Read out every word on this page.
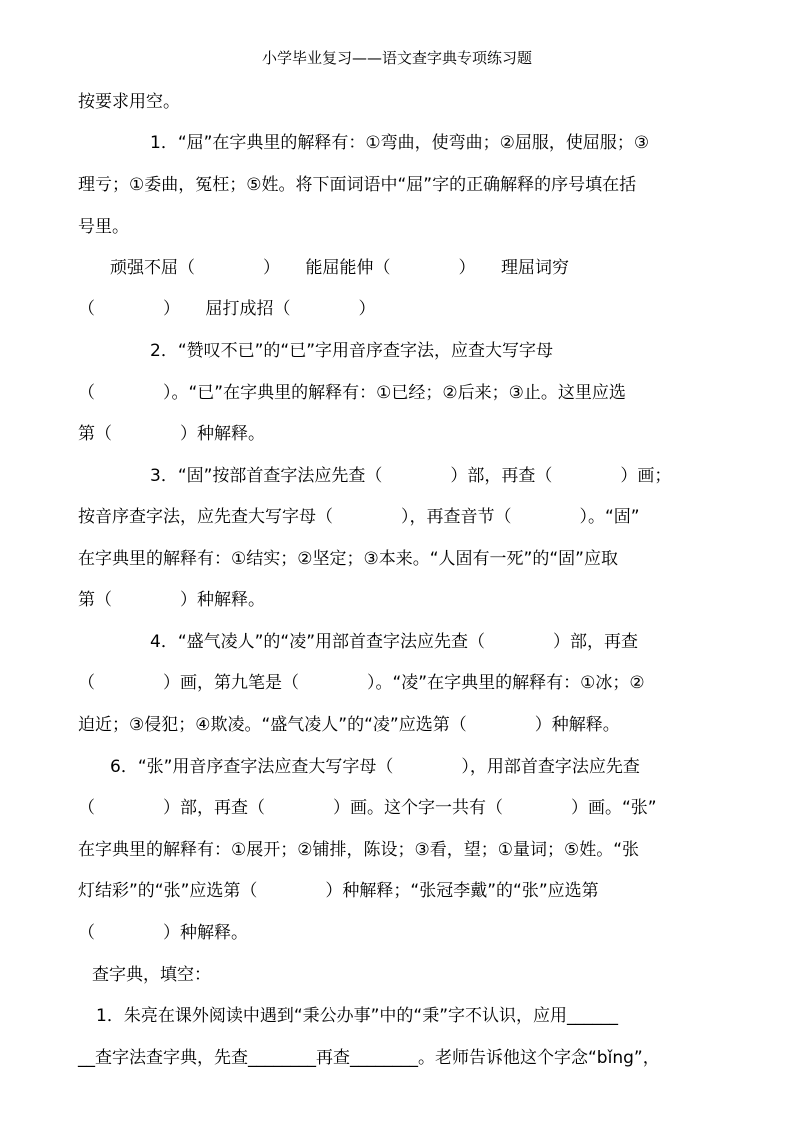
小学毕业复习——语文查字典专项练习题
按要求用空。
1．“屈”在字典里的解释有：①弯曲，使弯曲；②屈服，使屈服；③
理亏；①委曲，冤枉；⑤姓。将下面词语中“屈”字的正确解释的序号填在括
号里。
顽强不屈（　　　　）　　能屈能伸（　　　　）　　理屈词穷
（　　　　）　　屈打成招（　　　　）
2．“赞叹不已”的“已”字用音序查字法，应查大写字母
（　　　　）。“已”在字典里的解释有：①已经；②后来；③止。这里应选
第（　　　　）种解释。
3．“固”按部首查字法应先查（　　　　）部，再查（　　　　）画；
按音序查字法，应先查大写字母（　　　　），再查音节（　　　　）。“固”
在字典里的解释有：①结实；②坚定；③本来。“人固有一死”的“固”应取
第（　　　　）种解释。
4．“盛气凌人”的“凌”用部首查字法应先查（　　　　）部，再查
（　　　　）画，第九笔是（　　　　）。“凌”在字典里的解释有：①冰；②
迫近；③侵犯；④欺凌。“盛气凌人”的“凌”应选第（　　　　）种解释。
6．“张”用音序查字法应查大写字母（　　　　），用部首查字法应先查
（　　　　）部，再查（　　　　）画。这个字一共有（　　　　）画。“张”
在字典里的解释有：①展开；②铺排，陈设；③看，望；①量词；⑤姓。“张
灯结彩”的“张”应选第（　　　　）种解释；“张冠李戴”的“张”应选第
（　　　　）种解释。
查字典，填空：
1．朱亮在课外阅读中遇到“秉公办事”中的“秉”字不认识，应用______
__查字法查字典，先查________再查________。老师告诉他这个字念“bǐng”，
